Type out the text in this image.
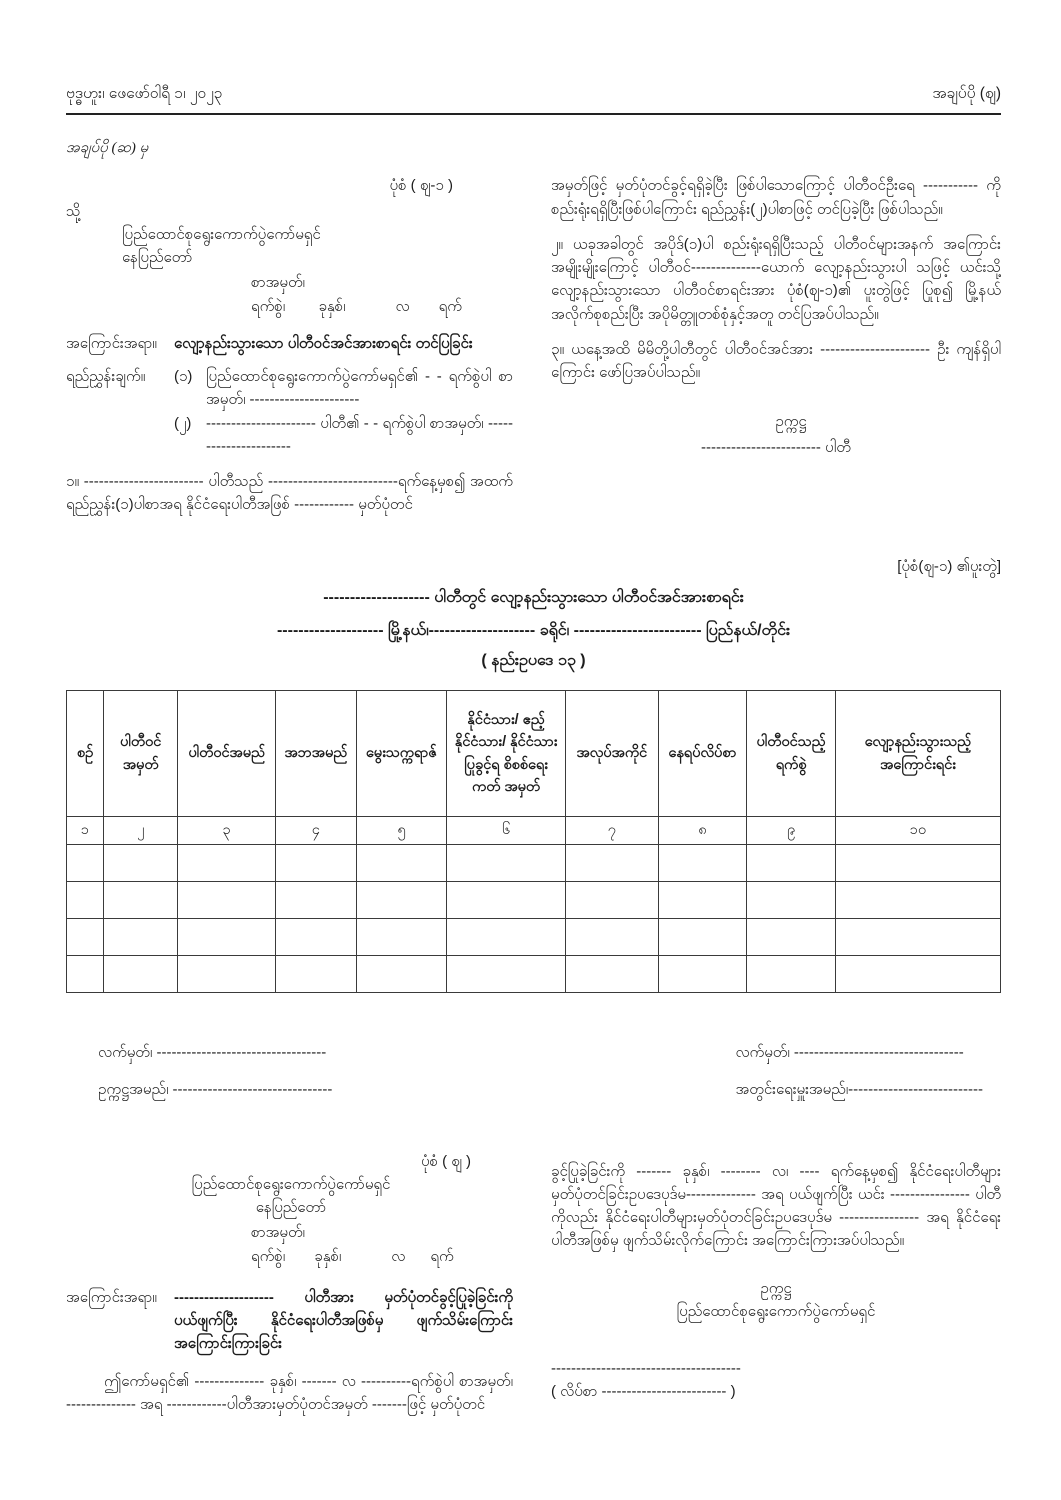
ဗုဒ္ဓဟူး၊ ဖေဖော်ဝါရီ ၁၊ ၂၀၂၃	အချပ်ပို (ဈ)
အချပ်ပို (ဆ) မှ
ပုံစံ ( ဈ-၁ )
သို့
ပြည်ထောင်စုရွေးကောက်ပွဲကော်မရှင်
နေပြည်တော်
စာအမှတ်၊
ရက်စွဲ၊        ခုနှစ်၊            လ       ရက်
အကြောင်းအရာ။	လျော့နည်းသွားသော ပါတီဝင်အင်အားစာရင်း တင်ပြခြင်း
ရည်ညွှန်းချက်။	(၁) ပြည်ထောင်စုရွေးကောက်ပွဲကော်မရှင်၏ - - ရက်စွဲပါ စာအမှတ်၊ ----------------------
(၂) ---------------------- ပါတီ၏ - - ရက်စွဲပါ စာအမှတ်၊ ----------------------
၁။ ------------------------ ပါတီသည် --------------------------ရက်နေ့မှစ၍ အထက်ရည်ညွှန်း(၁)ပါစာအရ နိုင်ငံရေးပါတီအဖြစ် ------------ မှတ်ပုံတင်
အမှတ်ဖြင့် မှတ်ပုံတင်ခွင့်ရရှိခဲ့ပြီး ဖြစ်ပါသောကြောင့် ပါတီဝင်ဦးရေ ----------- ကို စည်းရုံးရရှိပြီးဖြစ်ပါကြောင်း ရည်ညွှန်း(၂)ပါစာဖြင့် တင်ပြခဲ့ပြီး ဖြစ်ပါသည်။
၂။ ယခုအခါတွင် အပိုဒ်(၁)ပါ စည်းရုံးရရှိပြီးသည့် ပါတီဝင်များအနက် အကြောင်းအမျိုးမျိုးကြောင့် ပါတီဝင်--------------ယောက် လျော့နည်းသွားပါ သဖြင့် ယင်းသို့လျော့နည်းသွားသော ပါတီဝင်စာရင်းအား ပုံစံ(ဈ-၁)၏ ပူးတွဲဖြင့် ပြုစု၍ မြို့နယ်အလိုက်စုစည်းပြီး အပိုမိတ္တူတစ်စုံနှင့်အတူ တင်ပြအပ်ပါသည်။
၃။ ယနေ့အထိ မိမိတို့ပါတီတွင် ပါတီဝင်အင်အား ---------------------- ဦး ကျန်ရှိပါကြောင်း ဖော်ပြအပ်ပါသည်။
ဥက္ကဋ္ဌ
------------------------ ပါတီ
[ပုံစံ(ဈ-၁) ၏ပူးတွဲ]
-------------------- ပါတီတွင် လျော့နည်းသွားသော ပါတီဝင်အင်အားစာရင်း
-------------------- မြို့နယ်၊-------------------- ခရိုင်၊ ------------------------ ပြည်နယ်/တိုင်း
( နည်းဥပဒေ ၁၃ )
စဉ်	ပါတီဝင် အမှတ်	ပါတီဝင်အမည်	အဘအမည်	မွေးသက္ကရာဇ်	နိုင်ငံသား/ ဧည့်နိုင်ငံသား/ နိုင်ငံသားပြုခွင့်ရ စိစစ်ရေးကတ် အမှတ်	အလုပ်အကိုင်	နေရပ်လိပ်စာ	ပါတီဝင်သည့် ရက်စွဲ	လျော့နည်းသွားသည့် အကြောင်းရင်း
၁	၂	၃	၄	၅	၆	၇	၈	၉	၁၀

လက်မှတ်၊ ----------------------------------
ဥက္ကဋ္ဌအမည်၊ --------------------------------
လက်မှတ်၊ ----------------------------------
အတွင်းရေးမှူးအမည်၊---------------------------
ပုံစံ ( ဈ )
ပြည်ထောင်စုရွေးကောက်ပွဲကော်မရှင်
နေပြည်တော်
စာအမှတ်၊
ရက်စွဲ၊       ခုနှစ်၊            လ      ရက်
အကြောင်းအရာ။	-------------------- ပါတီအား မှတ်ပုံတင်ခွင့်ပြုခဲ့ခြင်းကို ပယ်ဖျက်ပြီး နိုင်ငံရေးပါတီအဖြစ်မှ ဖျက်သိမ်းကြောင်း အကြောင်းကြားခြင်း
ဤကော်မရှင်၏ -------------- ခုနှစ်၊ ------- လ ----------ရက်စွဲပါ စာအမှတ်၊ -------------- အရ ------------ပါတီအားမှတ်ပုံတင်အမှတ် -------ဖြင့် မှတ်ပုံတင်
ခွင့်ပြုခဲ့ခြင်းကို ------- ခုနှစ်၊ -------- လ၊ ---- ရက်နေ့မှစ၍ နိုင်ငံရေးပါတီများ မှတ်ပုံတင်ခြင်းဥပဒေပုဒ်မ-------------- အရ ပယ်ဖျက်ပြီး ယင်း ---------------- ပါတီကိုလည်း နိုင်ငံရေးပါတီများမှတ်ပုံတင်ခြင်းဥပဒေပုဒ်မ ---------------- အရ နိုင်ငံရေးပါတီအဖြစ်မှ ဖျက်သိမ်းလိုက်ကြောင်း အကြောင်းကြားအပ်ပါသည်။
ဥက္ကဋ္ဌ
ပြည်ထောင်စုရွေးကောက်ပွဲကော်မရှင်
--------------------------------------
( လိပ်စာ ------------------------- )
